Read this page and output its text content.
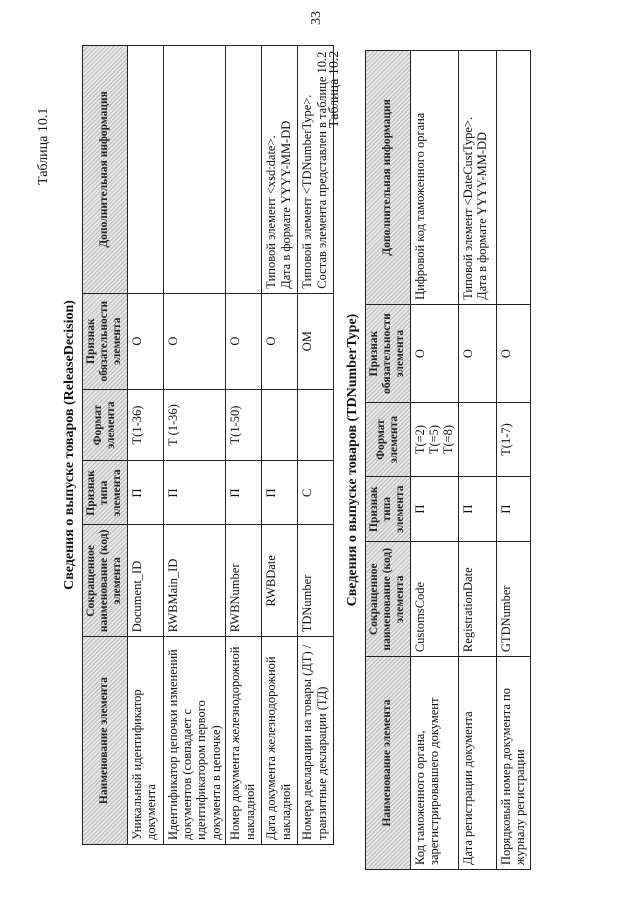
33
Таблица 10.1
Сведения о выпуске товаров (ReleaseDecision)
Наименование элемента	Сокращенное наименование (код) элемента	Признак типа элемента	Формат элемента	Признак обязательности элемента	Дополнительная информация
Уникальный идентификатор документа	Document_ID	П	T(1-36)	О	
Идентификатор цепочки изменений документов (совпадает с идентификатором первого документа в цепочке)	RWBMain_ID	П	T (1-36)	О	
Номер документа железнодорожной накладной	RWBNumber	П	T(1-50)	О	
Дата документа железнодорожной накладной	RWBDate	П		О	Типовой элемент <xsd:date>.
Дата в формате YYYY-MM-DD
Номера декларации на товары (ДТ) / транзитные декларации (ТД)	TDNumber	С		ОМ	Типовой элемент <TDNumberType>.
Состав элемента представлен в таблице 10.2
Таблица 10.2
Сведения о выпуске товаров (TDNumberType)
Наименование элемента	Сокращенное наименование (код) элемента	Признак типа элемента	Формат элемента	Признак обязательности элемента	Дополнительная информация
Код таможенного органа, зарегистрировавшего документ	CustomsCode	П	T(=2)
T(=5)
T(=8)	О	Цифровой код таможенного органа
Дата регистрации документа	RegistrationDate	П		О	Типовой элемент <DateCustType>.
Дата в формате YYYY-MM-DD
Порядковый номер документа по журналу регистрации	GTDNumber	П	T(1-7)	О	
